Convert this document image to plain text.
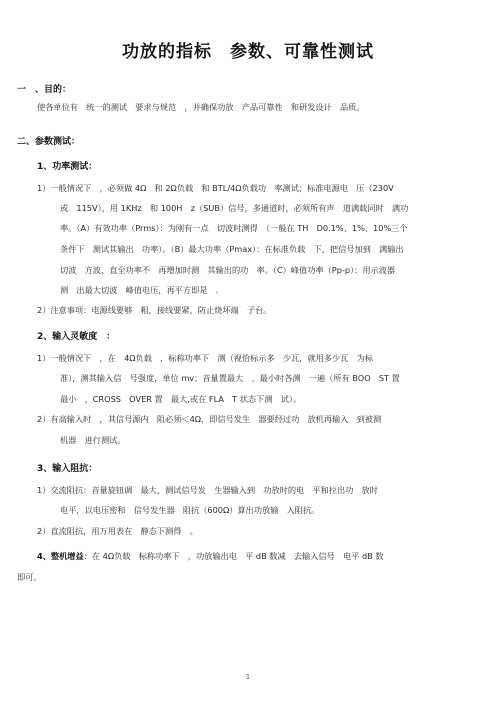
功放的指标　参数、可靠性测试
一　、目的：
使各单位有　统一的测试　要求与规范　，并确保功放　产品可靠性　和研发设计　品质。
二、参数测试：
1、功率测试：
1）一般情况下　，必须做 4Ω　和 2Ω负载　和 BTL/4Ω负载功　率测试；标准电源电　压（230V
或　115V），用 1KHz　和 100H　z（SUB）信号，多通道时，必须所有声　道满载同时　满功
率。（A）有效功率（Prms）：为刚有一点　切波时测得　（一般在 TH　D0.1%、1%、10%三个
条件下　测试其输出　功率）。（B）最大功率（Pmax）：在标准负载　下，把信号加到　满输出
切波　方波，直至功率不　再增加时测　其输出的功　率。（C）峰值功率（Pp-p）：用示波器
测　出最大切波　峰值电压，再平方即是　.
2）注意事项：电源线要够　粗，接线要紧，防止烧坏端　子台。
2、输入灵敏度　：
1）一般情况下　，在　4Ω负载　，标称功率下　测（视恰标示多　少瓦，就用多少瓦　为标
准），测其输入信　号强度，单位 mv；音量置最大　、最小时各测　一遍（所有 BOO　ST 置
最小　，CROSS　OVER 置　最大,或在 FLA　T 状态下测　试）。
2）有高输入时　，其信号源内　阻必须＜4Ω，即信号发生　器要经过功　放机再输入　到被测
机器　进行测试。
3、输入阻抗：
1）交流阻抗：音量旋钮调　最大，测试信号发　生器输入到　功放时的电　平和拉出功　放时
电平，以电压密和　信号发生器　阻抗（600Ω）算出功放输　入阻抗。
2）直流阻抗，用万用表在　静态下测得　。
4、整机增益：在 4Ω负载　标称功率下　，功放输出电　平 dB 数减　去输入信号　电平 dB 数
即可。
1
